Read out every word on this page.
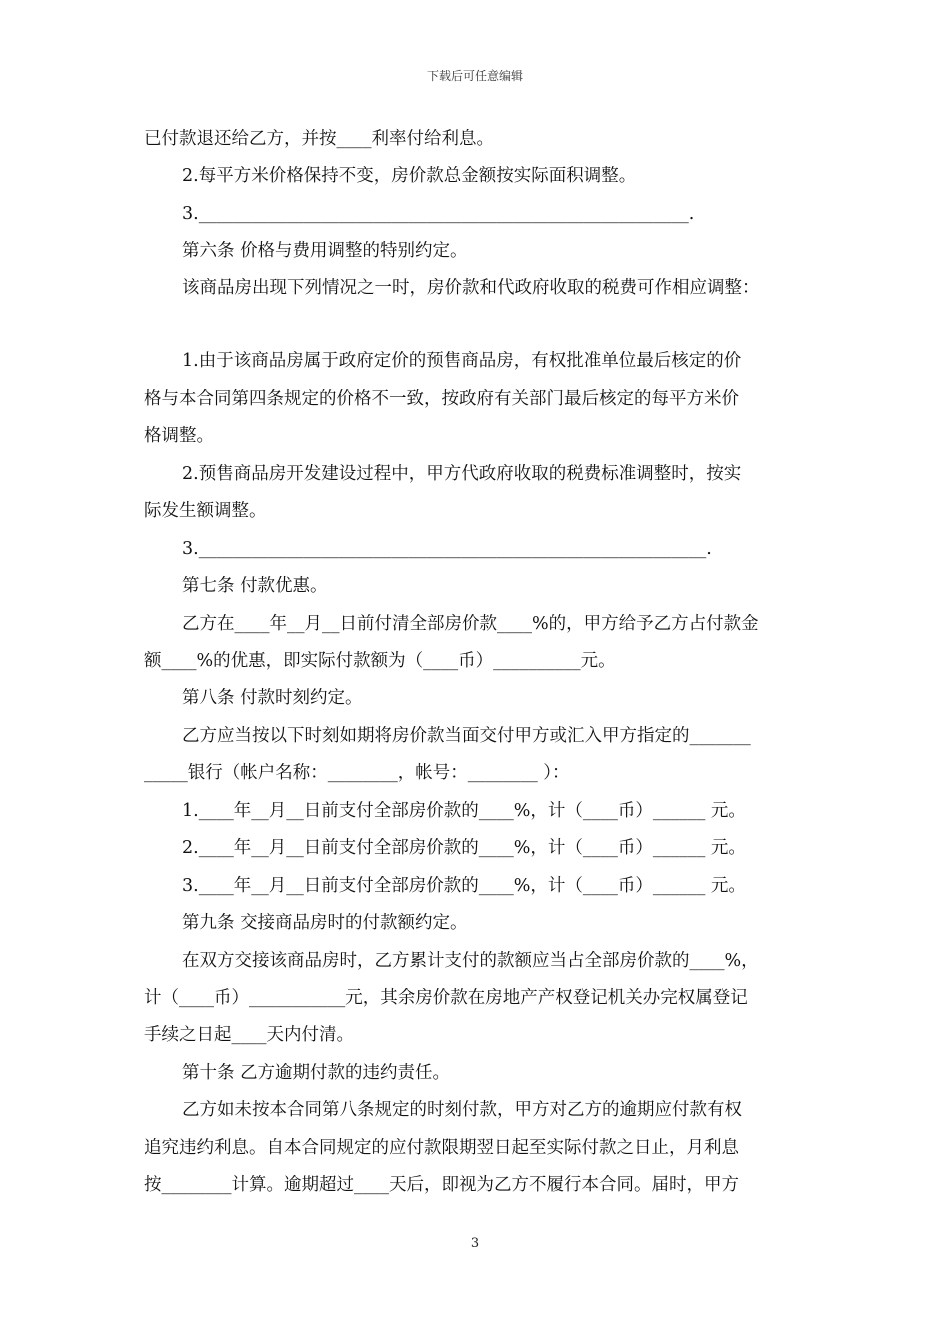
下载后可任意编辑
已付款退还给乙方，并按____利率付给利息。
2.每平方米价格保持不变，房价款总金额按实际面积调整。
3.________________________________________________________.
第六条 价格与费用调整的特别约定。
该商品房出现下列情况之一时，房价款和代政府收取的税费可作相应调整：
1.由于该商品房属于政府定价的预售商品房，有权批准单位最后核定的价
格与本合同第四条规定的价格不一致，按政府有关部门最后核定的每平方米价
格调整。
2.预售商品房开发建设过程中，甲方代政府收取的税费标准调整时，按实
际发生额调整。
3.__________________________________________________________.
第七条 付款优惠。
乙方在____年__月__日前付清全部房价款____%的，甲方给予乙方占付款金
额____%的优惠，即实际付款额为（____币）__________元。
第八条 付款时刻约定。
乙方应当按以下时刻如期将房价款当面交付甲方或汇入甲方指定的_______
_____银行（帐户名称：________，帐号：________ ）：
1.____年__月__日前支付全部房价款的____%，计（____币）______ 元。
2.____年__月__日前支付全部房价款的____%，计（____币）______ 元。
3.____年__月__日前支付全部房价款的____%，计（____币）______ 元。
第九条 交接商品房时的付款额约定。
在双方交接该商品房时，乙方累计支付的款额应当占全部房价款的____%，
计（____币）___________元，其余房价款在房地产产权登记机关办完权属登记
手续之日起____天内付清。
第十条 乙方逾期付款的违约责任。
乙方如未按本合同第八条规定的时刻付款，甲方对乙方的逾期应付款有权
追究违约利息。自本合同规定的应付款限期翌日起至实际付款之日止，月利息
按________计算。逾期超过____天后，即视为乙方不履行本合同。届时，甲方
3
